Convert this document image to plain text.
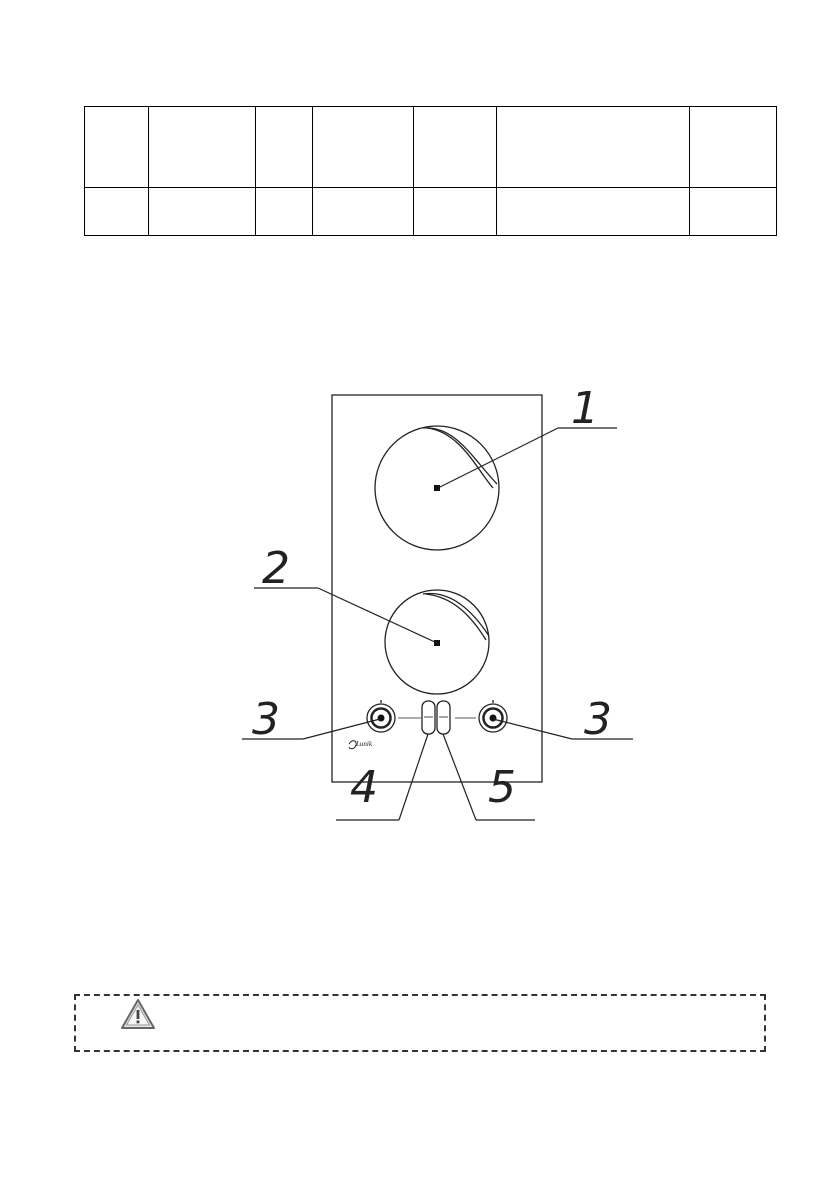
Lunik
1
2
3	3
4	5
